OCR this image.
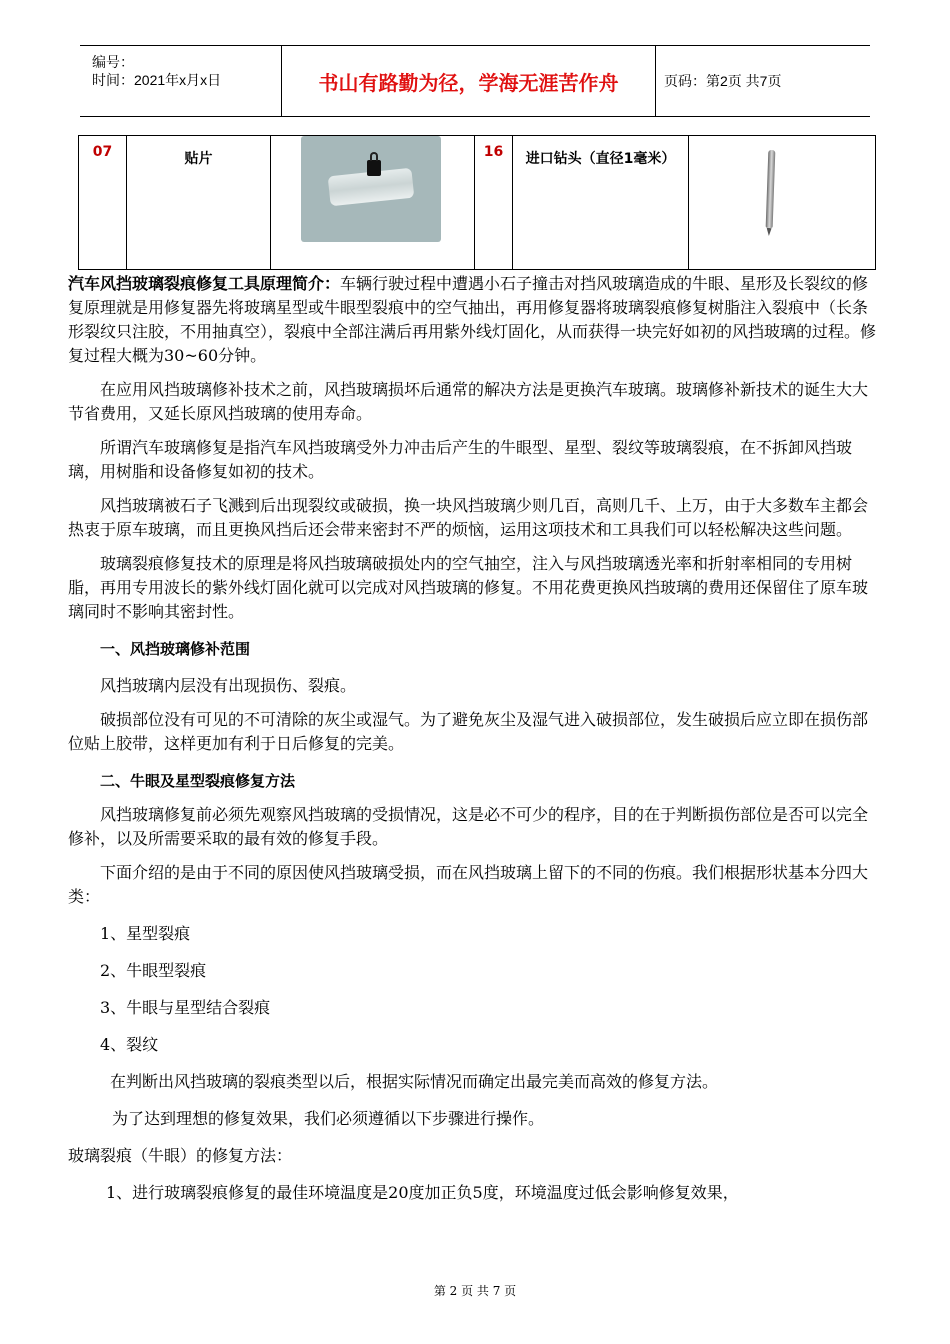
编号：
时间：2021年x月x日	书山有路勤为径，学海无涯苦作舟	页码：第2页 共7页
07	贴片	16	进口钻头（直径1毫米）

汽车风挡玻璃裂痕修复工具原理简介：车辆行驶过程中遭遇小石子撞击对挡风玻璃造成的牛眼、星形及长裂纹的修复原理就是用修复器先将玻璃星型或牛眼型裂痕中的空气抽出，再用修复器将玻璃裂痕修复树脂注入裂痕中（长条形裂纹只注胶，不用抽真空），裂痕中全部注满后再用紫外线灯固化，从而获得一块完好如初的风挡玻璃的过程。修复过程大概为30~60分钟。

在应用风挡玻璃修补技术之前，风挡玻璃损坏后通常的解决方法是更换汽车玻璃。玻璃修补新技术的诞生大大节省费用，又延长原风挡玻璃的使用寿命。

所谓汽车玻璃修复是指汽车风挡玻璃受外力冲击后产生的牛眼型、星型、裂纹等玻璃裂痕，在不拆卸风挡玻璃，用树脂和设备修复如初的技术。

风挡玻璃被石子飞溅到后出现裂纹或破损，换一块风挡玻璃少则几百，高则几千、上万，由于大多数车主都会热衷于原车玻璃，而且更换风挡后还会带来密封不严的烦恼，运用这项技术和工具我们可以轻松解决这些问题。

玻璃裂痕修复技术的原理是将风挡玻璃破损处内的空气抽空，注入与风挡玻璃透光率和折射率相同的专用树脂，再用专用波长的紫外线灯固化就可以完成对风挡玻璃的修复。不用花费更换风挡玻璃的费用还保留住了原车玻璃同时不影响其密封性。

一、风挡玻璃修补范围

风挡玻璃内层没有出现损伤、裂痕。

破损部位没有可见的不可清除的灰尘或湿气。为了避免灰尘及湿气进入破损部位，发生破损后应立即在损伤部位贴上胶带，这样更加有利于日后修复的完美。

二、牛眼及星型裂痕修复方法

风挡玻璃修复前必须先观察风挡玻璃的受损情况，这是必不可少的程序，目的在于判断损伤部位是否可以完全修补，以及所需要采取的最有效的修复手段。

下面介绍的是由于不同的原因使风挡玻璃受损，而在风挡玻璃上留下的不同的伤痕。我们根据形状基本分四大类：

1、星型裂痕

2、牛眼型裂痕

3、牛眼与星型结合裂痕

4、裂纹

在判断出风挡玻璃的裂痕类型以后，根据实际情况而确定出最完美而高效的修复方法。

为了达到理想的修复效果，我们必须遵循以下步骤进行操作。

玻璃裂痕（牛眼）的修复方法：

1、进行玻璃裂痕修复的最佳环境温度是20度加正负5度，环境温度过低会影响修复效果，

第 2 页 共 7 页
